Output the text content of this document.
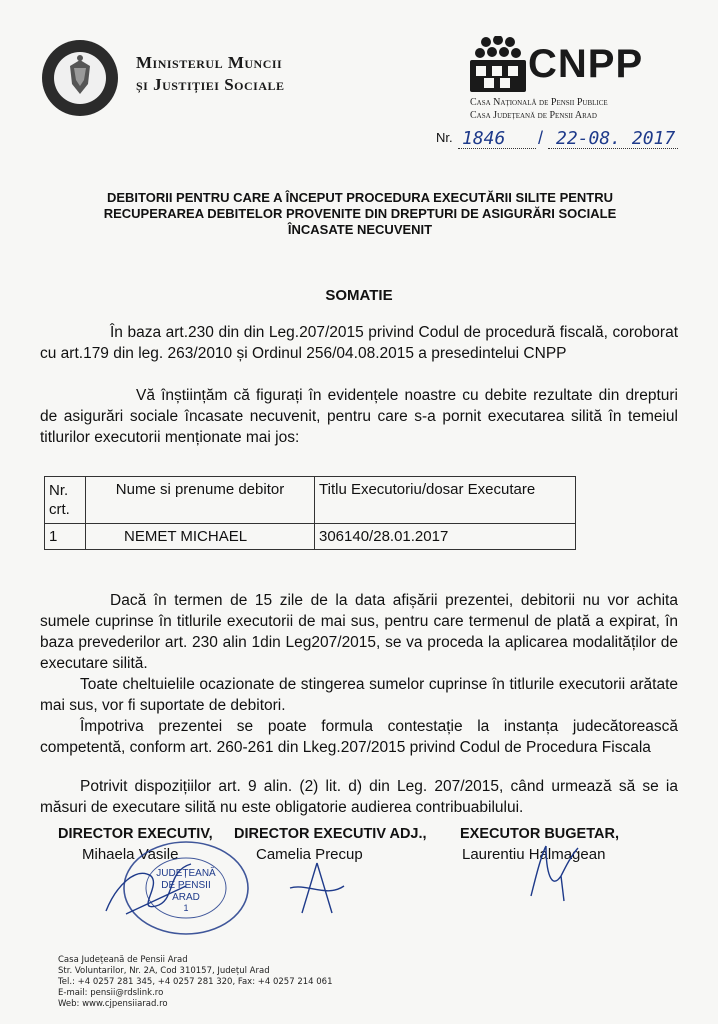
Ministerul Muncii
și Justiției Sociale	CNPP
Casa Națională de Pensii Publice
Casa Județeană de Pensii Arad
Nr. 1846 / 22-08. 2017
DEBITORII PENTRU CARE A ÎNCEPUT PROCEDURA EXECUTĂRII SILITE PENTRU
RECUPERAREA DEBITELOR PROVENITE DIN DREPTURI DE ASIGURĂRI SOCIALE
ÎNCASATE NECUVENIT
SOMATIE
În baza art.230 din din Leg.207/2015 privind Codul de procedură fiscală, coroborat cu art.179 din leg. 263/2010 și Ordinul 256/04.08.2015 a presedintelui CNPP
Vă înștiințăm că figurați în evidențele noastre cu debite rezultate din drepturi de asigurări sociale încasate necuvenit, pentru care s-a pornit executarea silită în temeiul titlurilor executorii menționate mai jos:
Nr.
crt.	Nume si prenume debitor	Titlu Executoriu/dosar Executare
1	NEMET MICHAEL	306140/28.01.2017
Dacă în termen de 15 zile de la data afișării prezentei, debitorii nu vor achita sumele cuprinse în titlurile executorii de mai sus, pentru care termenul de plată a expirat, în baza prevederilor art. 230 alin 1din Leg207/2015, se va proceda la aplicarea modalităților de executare silită.
Toate cheltuielile ocazionate de stingerea sumelor cuprinse în titlurile executorii arătate mai sus, vor fi suportate de debitori.
Împotriva prezentei se poate formula contestație la instanța judecătorească competentă, conform art. 260-261 din Lkeg.207/2015 privind Codul de Procedura Fiscala
Potrivit dispozițiilor art. 9 alin. (2) lit. d) din Leg. 207/2015, când urmează să se ia măsuri de executare silită nu este obligatorie audierea contribuabilului.
DIRECTOR EXECUTIV,
Mihaela Vasile
DIRECTOR EXECUTIV ADJ.,
Camelia Precup
EXECUTOR BUGETAR,
Laurentiu Halmagean
JUDEȚEANĂ
DE PENSII
ARAD
1
Casa Județeană de Pensii Arad
Str. Voluntarilor, Nr. 2A, Cod 310157, Județul Arad
Tel.: +4 0257 281 345, +4 0257 281 320, Fax: +4 0257 214 061
E-mail: pensii@rdslink.ro
Web: www.cjpensiiarad.ro
